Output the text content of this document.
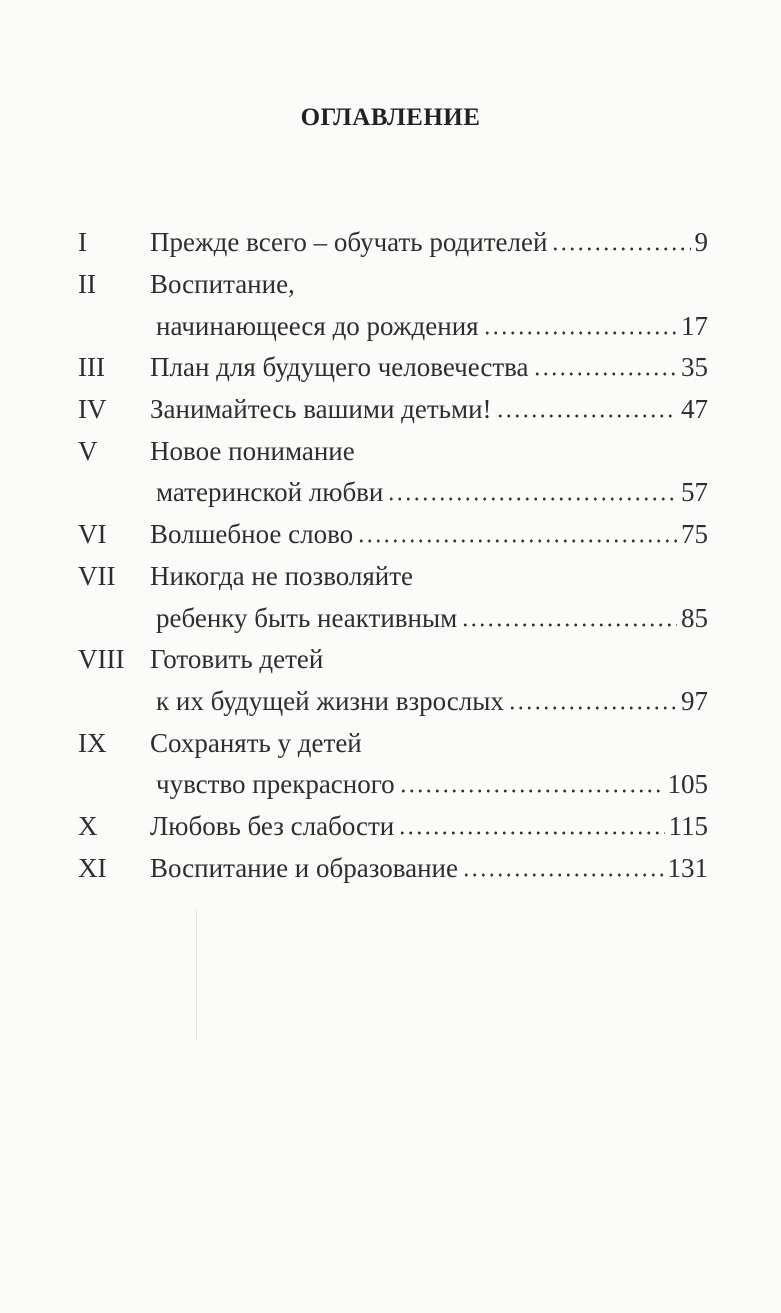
ОГЛАВЛЕНИЕ
I	Прежде всего – обучать родителей	9
II	Воспитание,
начинающееся до рождения	17
III	План для будущего человечества	35
IV	Занимайтесь вашими детьми!	47
V	Новое понимание
материнской любви	57
VI	Волшебное слово	75
VII	Никогда не позволяйте
ребенку быть неактивным	85
VIII Готовить детей
к их будущей жизни взрослых	97
IX	Сохранять у детей
чувство прекрасного	105
X	Любовь без слабости	115
XI	Воспитание и образование	131
